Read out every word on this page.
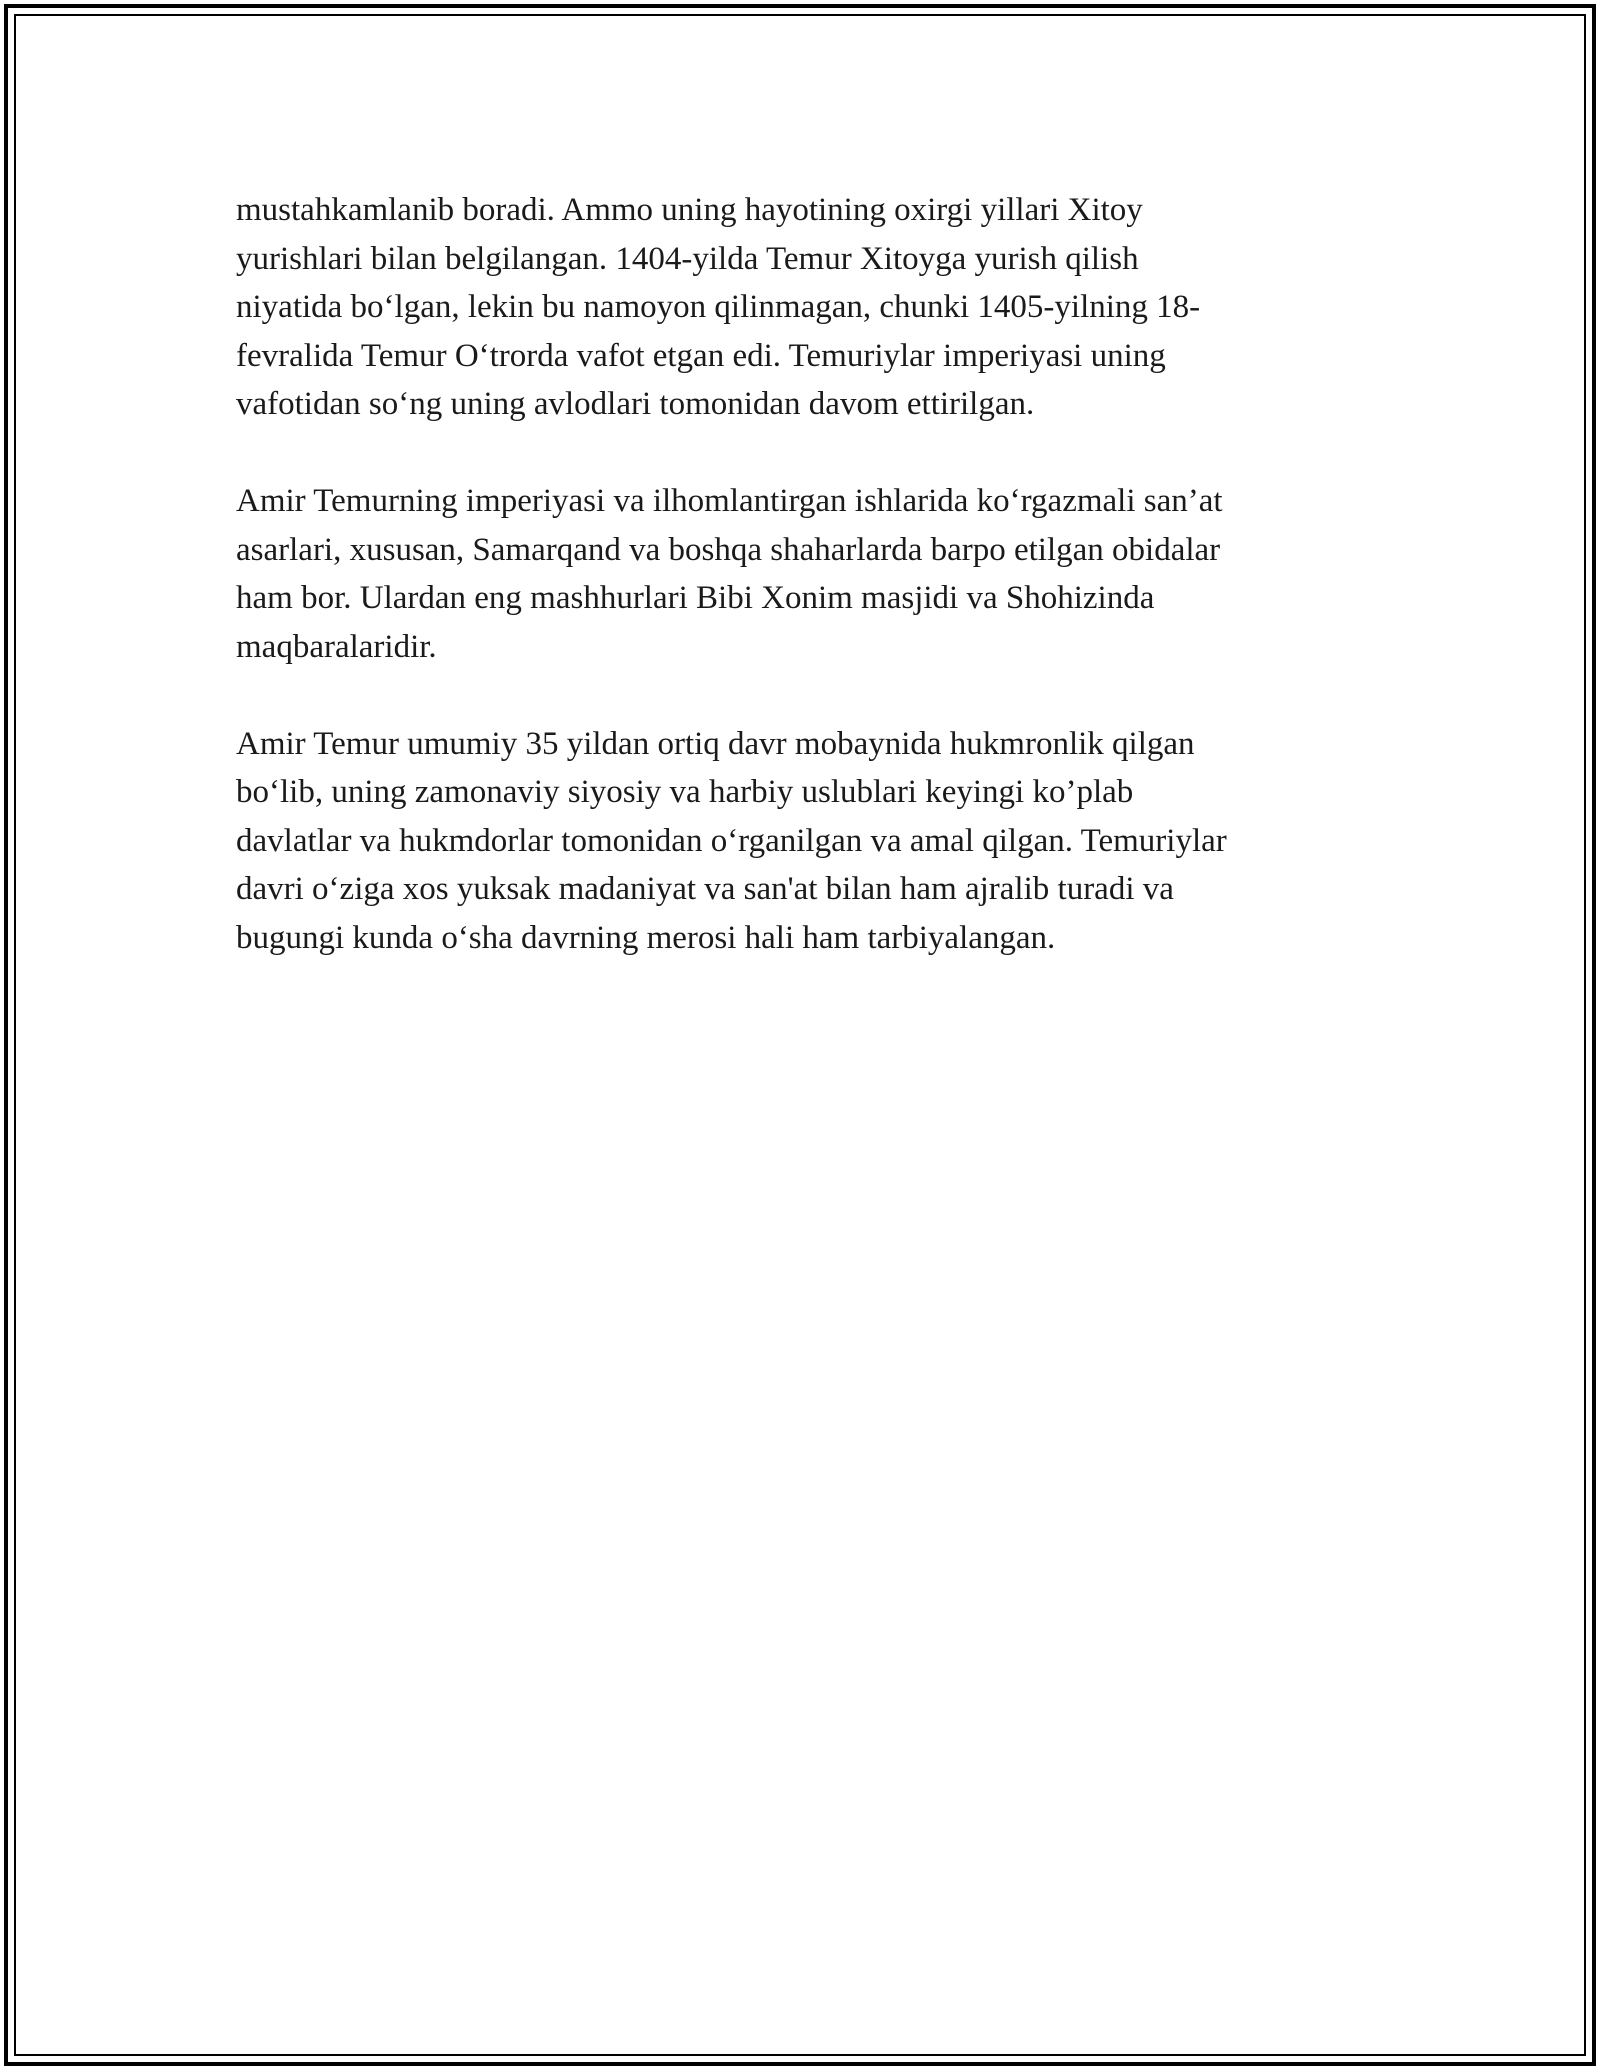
mustahkamlanib boradi. Ammo uning hayotining oxirgi yillari Xitoy
yurishlari bilan belgilangan. 1404-yilda Temur Xitoyga yurish qilish
niyatida bo‘lgan, lekin bu namoyon qilinmagan, chunki 1405-yilning 18-
fevralida Temur O‘trorda vafot etgan edi. Temuriylar imperiyasi uning
vafotidan so‘ng uning avlodlari tomonidan davom ettirilgan.
Amir Temurning imperiyasi va ilhomlantirgan ishlarida ko‘rgazmali san’at
asarlari, xususan, Samarqand va boshqa shaharlarda barpo etilgan obidalar
ham bor. Ulardan eng mashhurlari Bibi Xonim masjidi va Shohizinda
maqbaralaridir.
Amir Temur umumiy 35 yildan ortiq davr mobaynida hukmronlik qilgan
bo‘lib, uning zamonaviy siyosiy va harbiy uslublari keyingi ko’plab
davlatlar va hukmdorlar tomonidan o‘rganilgan va amal qilgan. Temuriylar
davri o‘ziga xos yuksak madaniyat va san'at bilan ham ajralib turadi va
bugungi kunda o‘sha davrning merosi hali ham tarbiyalangan.
